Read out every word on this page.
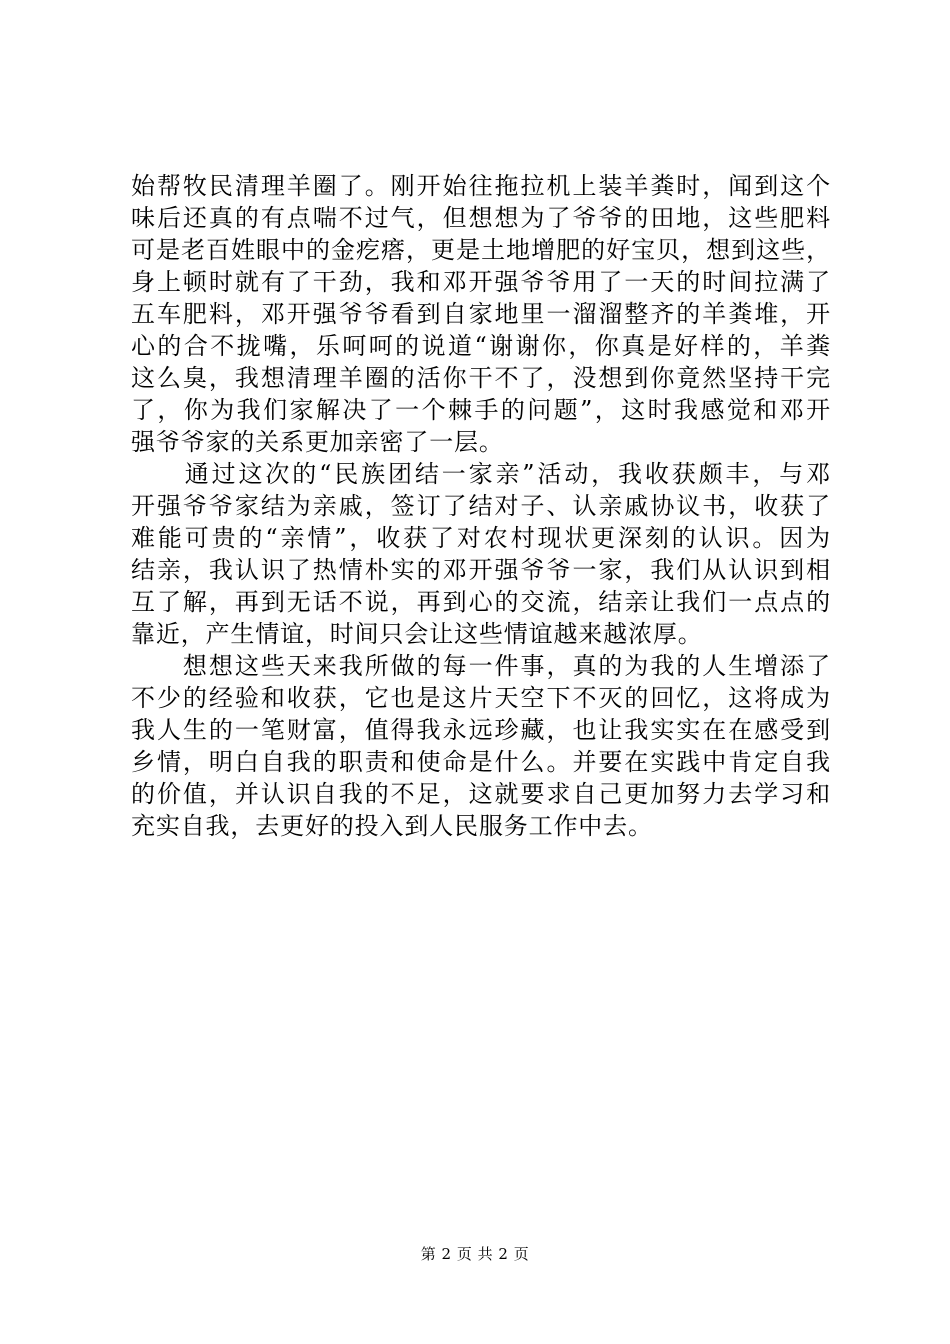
始帮牧民清理羊圈了。刚开始往拖拉机上装羊粪时，闻到这个
味后还真的有点喘不过气，但想想为了爷爷的田地，这些肥料
可是老百姓眼中的金疙瘩，更是土地增肥的好宝贝，想到这些，
身上顿时就有了干劲，我和邓开强爷爷用了一天的时间拉满了
五车肥料，邓开强爷爷看到自家地里一溜溜整齐的羊粪堆，开
心的合不拢嘴，乐呵呵的说道“谢谢你，你真是好样的，羊粪
这么臭，我想清理羊圈的活你干不了，没想到你竟然坚持干完
了，你为我们家解决了一个棘手的问题”，这时我感觉和邓开
强爷爷家的关系更加亲密了一层。
　　通过这次的“民族团结一家亲”活动，我收获颇丰，与邓
开强爷爷家结为亲戚，签订了结对子、认亲戚协议书，收获了
难能可贵的“亲情”，收获了对农村现状更深刻的认识。因为
结亲，我认识了热情朴实的邓开强爷爷一家，我们从认识到相
互了解，再到无话不说，再到心的交流，结亲让我们一点点的
靠近，产生情谊，时间只会让这些情谊越来越浓厚。
　　想想这些天来我所做的每一件事，真的为我的人生增添了
不少的经验和收获，它也是这片天空下不灭的回忆，这将成为
我人生的一笔财富，值得我永远珍藏，也让我实实在在感受到
乡情，明白自我的职责和使命是什么。并要在实践中肯定自我
的价值，并认识自我的不足，这就要求自己更加努力去学习和
充实自我，去更好的投入到人民服务工作中去。
第 2 页 共 2 页
